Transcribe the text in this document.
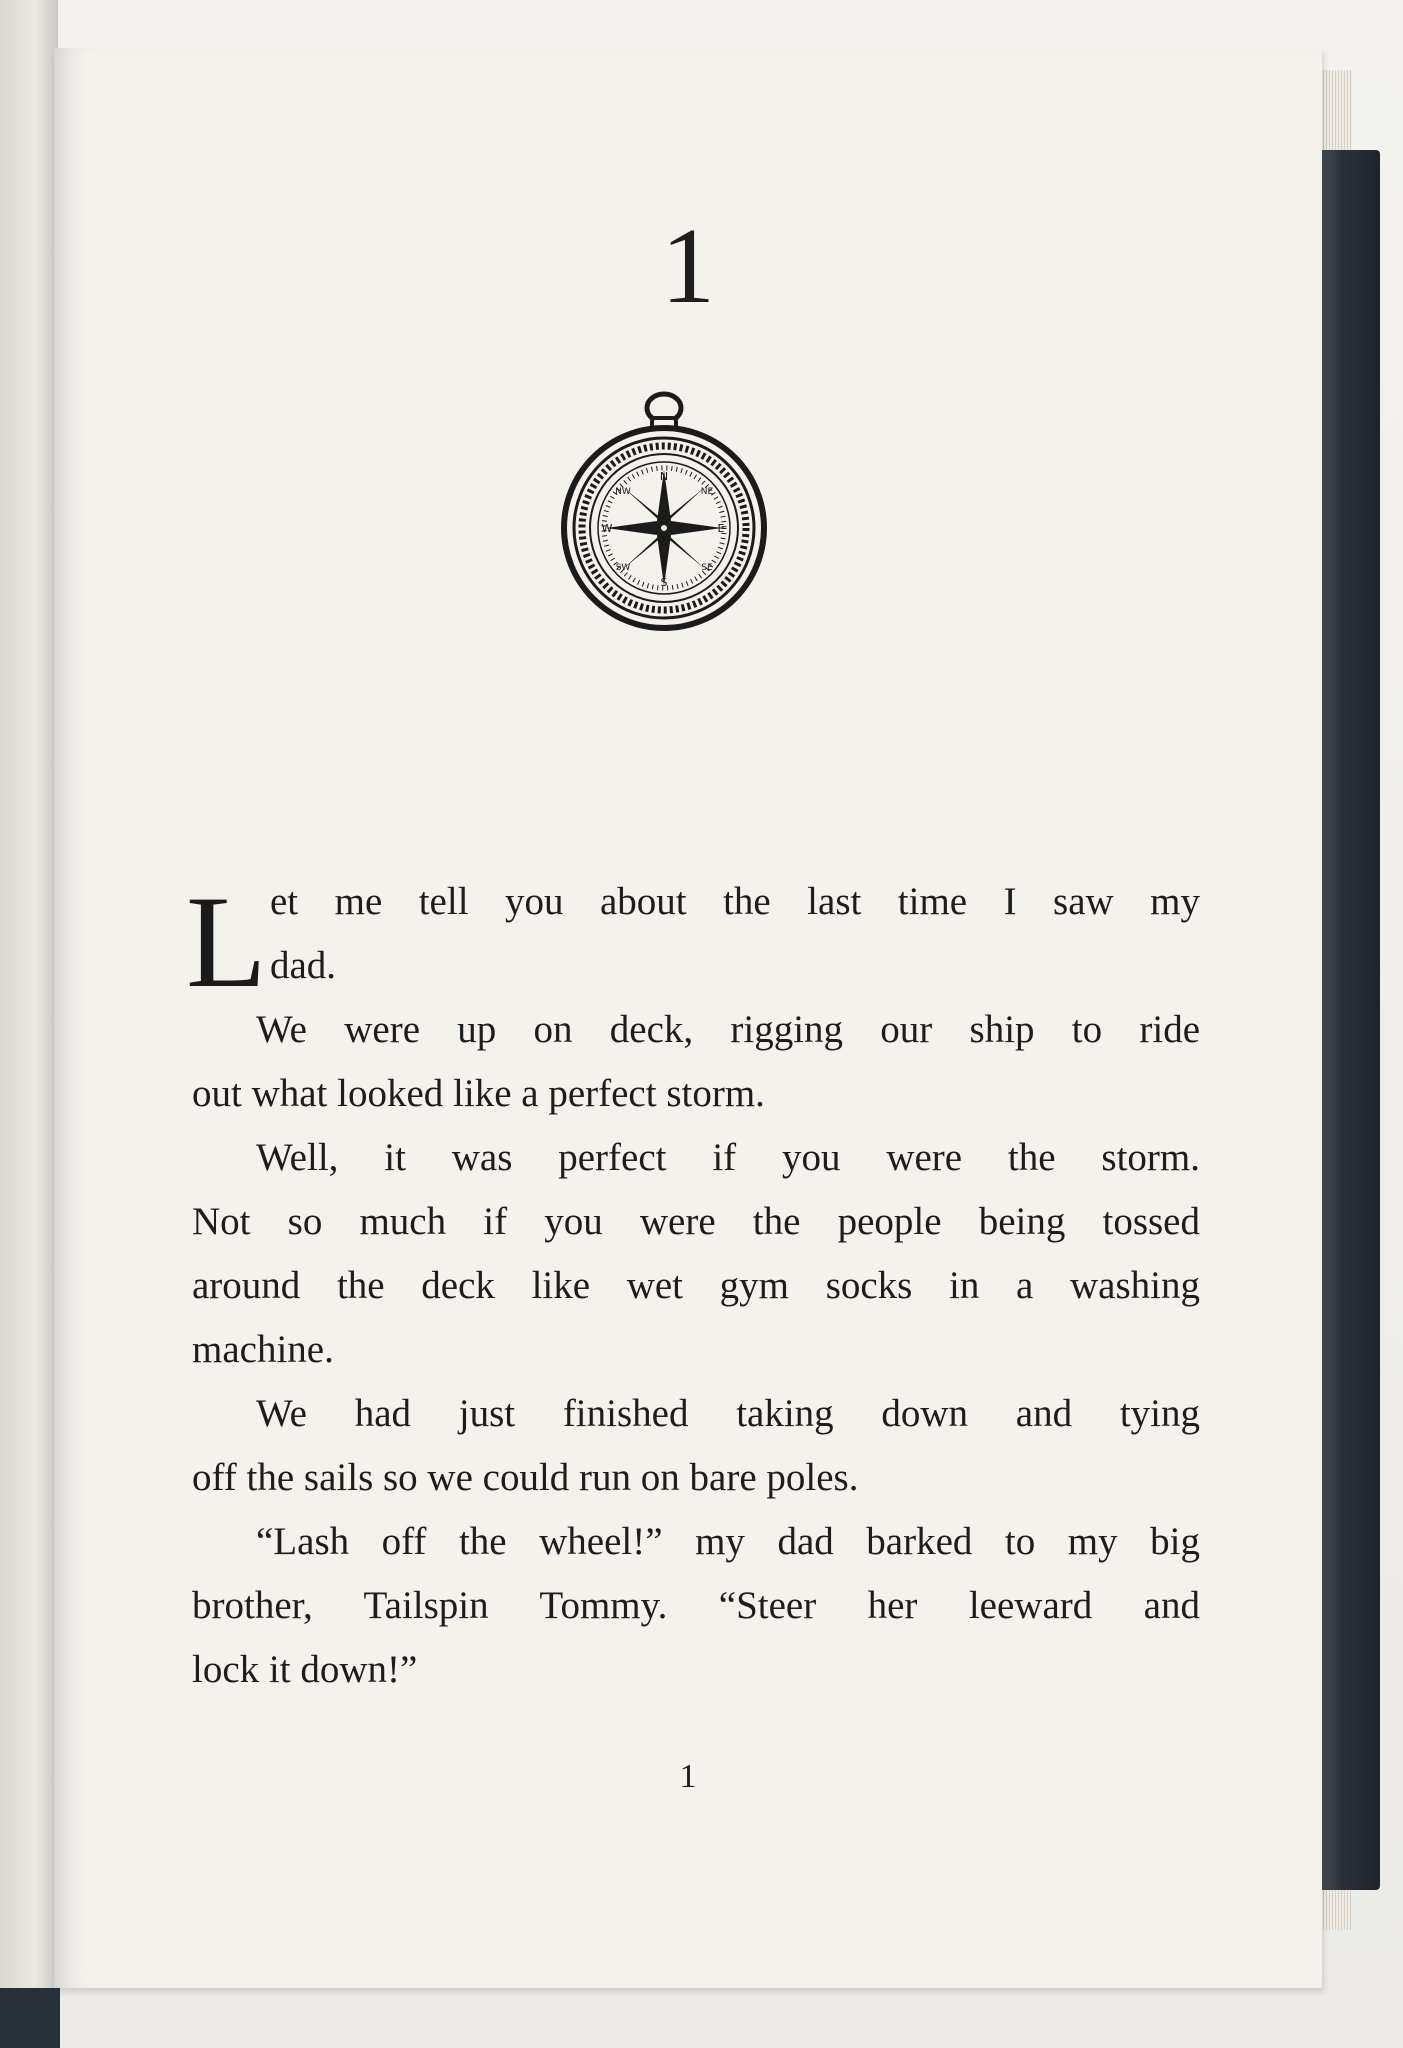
1
N
S
E
W
NE
NW
SE
SW
L et me tell you about the last time I saw my
dad.
We were up on deck, rigging our ship to ride
out what looked like a perfect storm.
Well, it was perfect if you were the storm.
Not so much if you were the people being tossed
around the deck like wet gym socks in a washing
machine.
We had just finished taking down and tying
off the sails so we could run on bare poles.
“Lash off the wheel!” my dad barked to my big
brother, Tailspin Tommy. “Steer her leeward and
lock it down!”
1
